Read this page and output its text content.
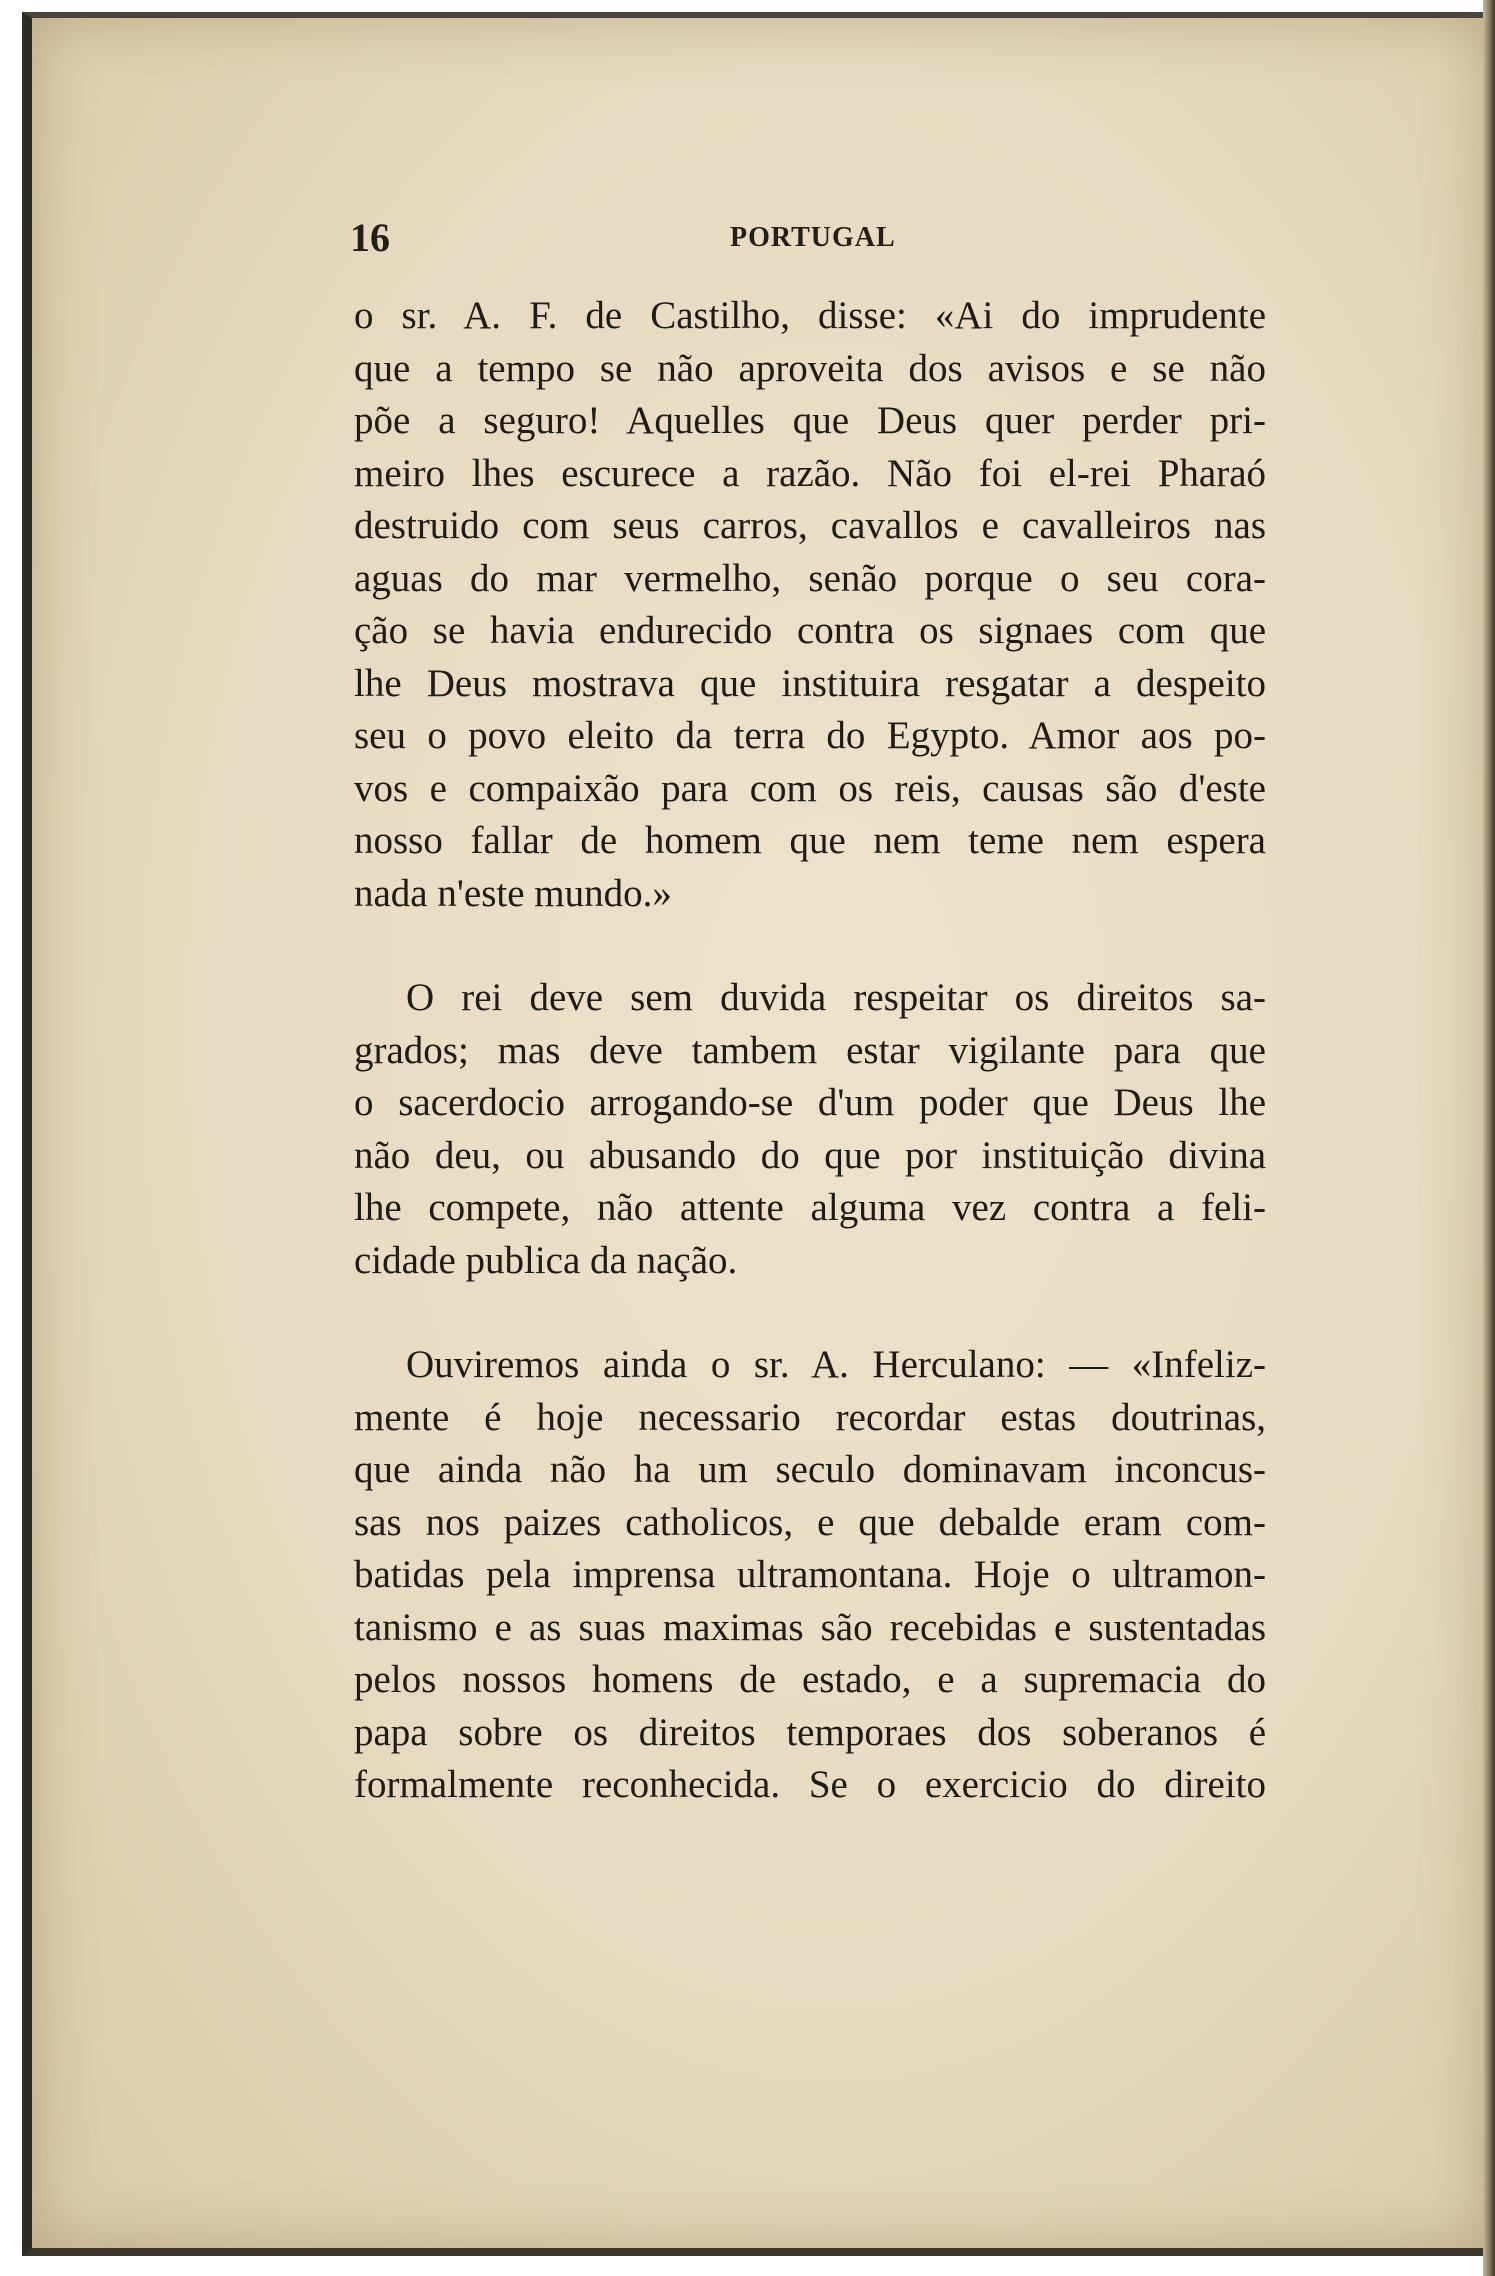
16	PORTUGAL

o sr. A. F. de Castilho, disse: «Ai do imprudente
que a tempo se não aproveita dos avisos e se não
põe a seguro! Aquelles que Deus quer perder pri-
meiro lhes escurece a razão. Não foi el-rei Pharaó
destruido com seus carros, cavallos e cavalleiros nas
aguas do mar vermelho, senão porque o seu cora-
ção se havia endurecido contra os signaes com que
lhe Deus mostrava que instituira resgatar a despeito
seu o povo eleito da terra do Egypto. Amor aos po-
vos e compaixão para com os reis, causas são d'este
nosso fallar de homem que nem teme nem espera
nada n'este mundo.»

O rei deve sem duvida respeitar os direitos sa-
grados; mas deve tambem estar vigilante para que
o sacerdocio arrogando-se d'um poder que Deus lhe
não deu, ou abusando do que por instituição divina
lhe compete, não attente alguma vez contra a feli-
cidade publica da nação.

Ouviremos ainda o sr. A. Herculano: — «Infeliz-
mente é hoje necessario recordar estas doutrinas,
que ainda não ha um seculo dominavam inconcus-
sas nos paizes catholicos, e que debalde eram com-
batidas pela imprensa ultramontana. Hoje o ultramon-
tanismo e as suas maximas são recebidas e sustentadas
pelos nossos homens de estado, e a supremacia do
papa sobre os direitos temporaes dos soberanos é
formalmente reconhecida. Se o exercicio do direito
